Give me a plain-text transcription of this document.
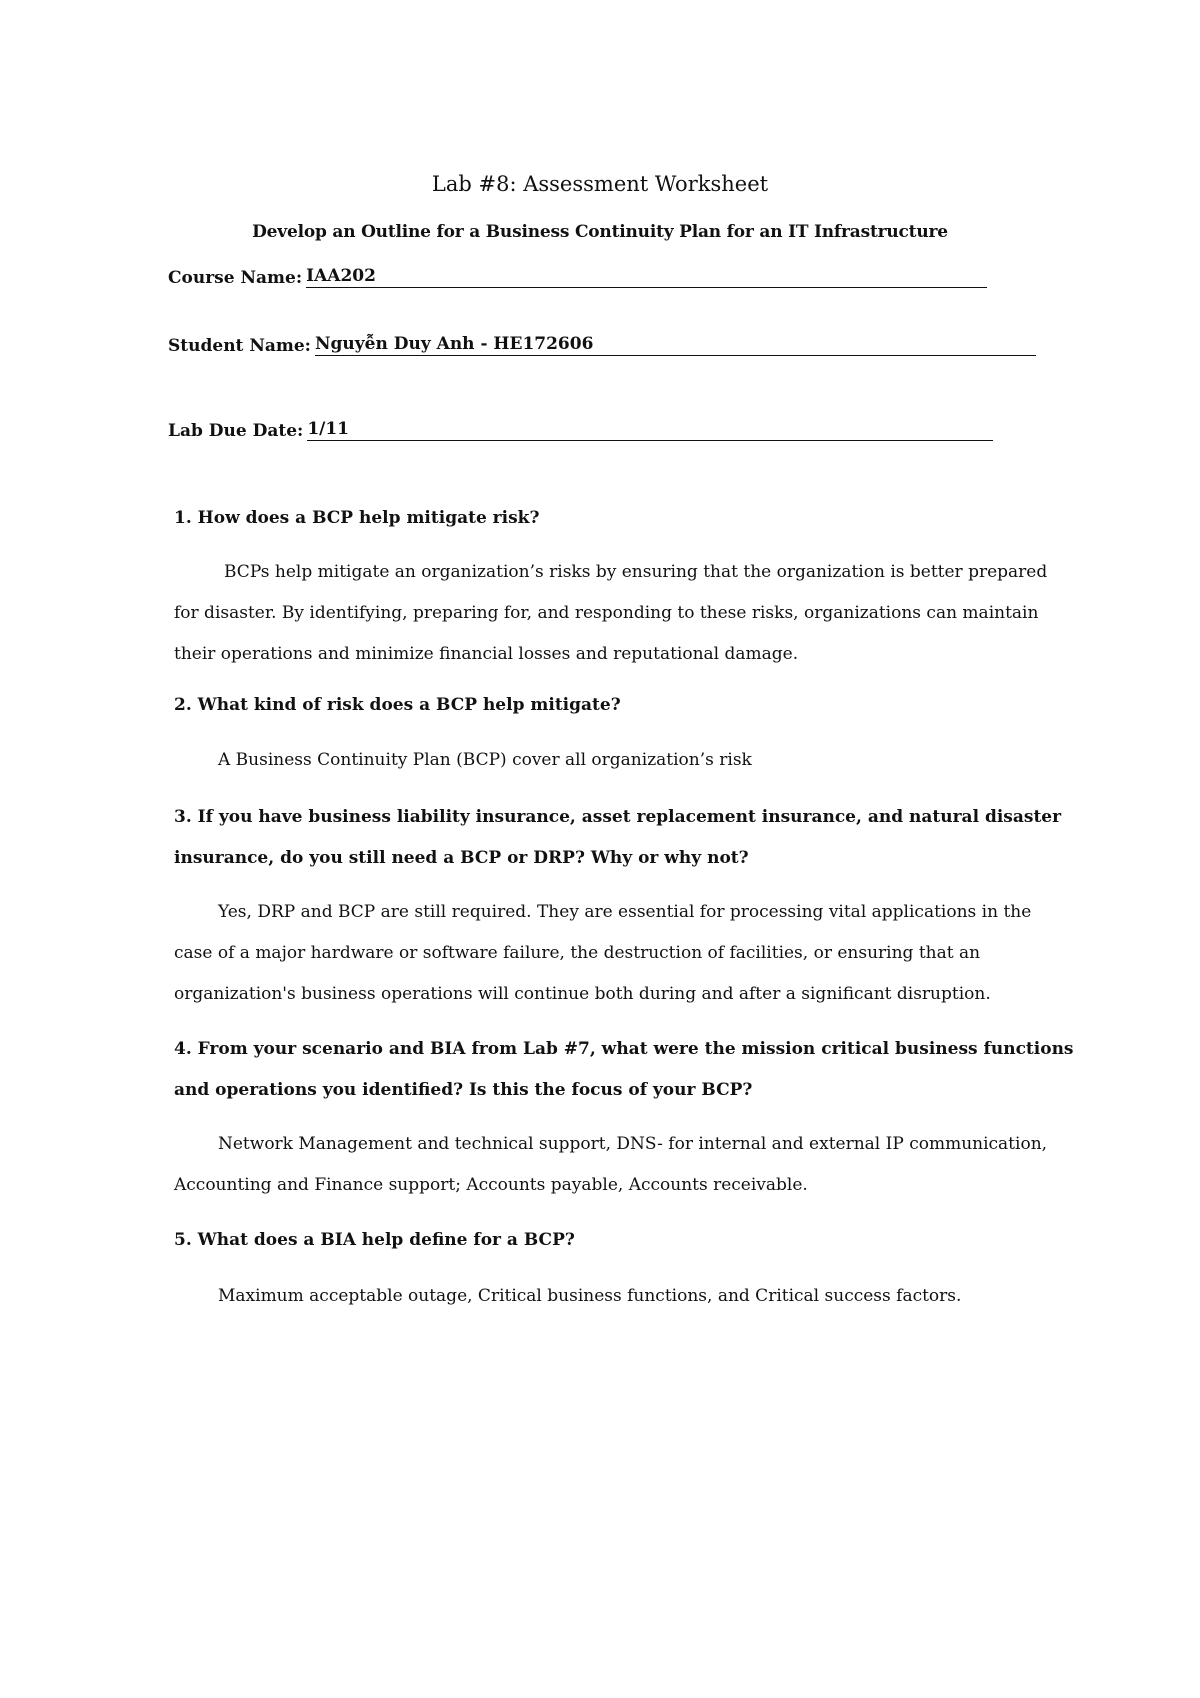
Lab #8: Assessment Worksheet
Develop an Outline for a Business Continuity Plan for an IT Infrastructure
Course Name: IAA202
Student Name: Nguyễn Duy Anh - HE172606
Lab Due Date: 1/11
1. How does a BCP help mitigate risk?
BCPs help mitigate an organization’s risks by ensuring that the organization is better prepared for disaster. By identifying, preparing for, and responding to these risks, organizations can maintain their operations and minimize financial losses and reputational damage.
2. What kind of risk does a BCP help mitigate?
A Business Continuity Plan (BCP) cover all organization’s risk
3. If you have business liability insurance, asset replacement insurance, and natural disaster insurance, do you still need a BCP or DRP? Why or why not?
Yes, DRP and BCP are still required. They are essential for processing vital applications in the case of a major hardware or software failure, the destruction of facilities, or ensuring that an organization's business operations will continue both during and after a significant disruption.
4. From your scenario and BIA from Lab #7, what were the mission critical business functions and operations you identified? Is this the focus of your BCP?
Network Management and technical support, DNS- for internal and external IP communication, Accounting and Finance support; Accounts payable, Accounts receivable.
5. What does a BIA help define for a BCP?
Maximum acceptable outage, Critical business functions, and Critical success factors.
